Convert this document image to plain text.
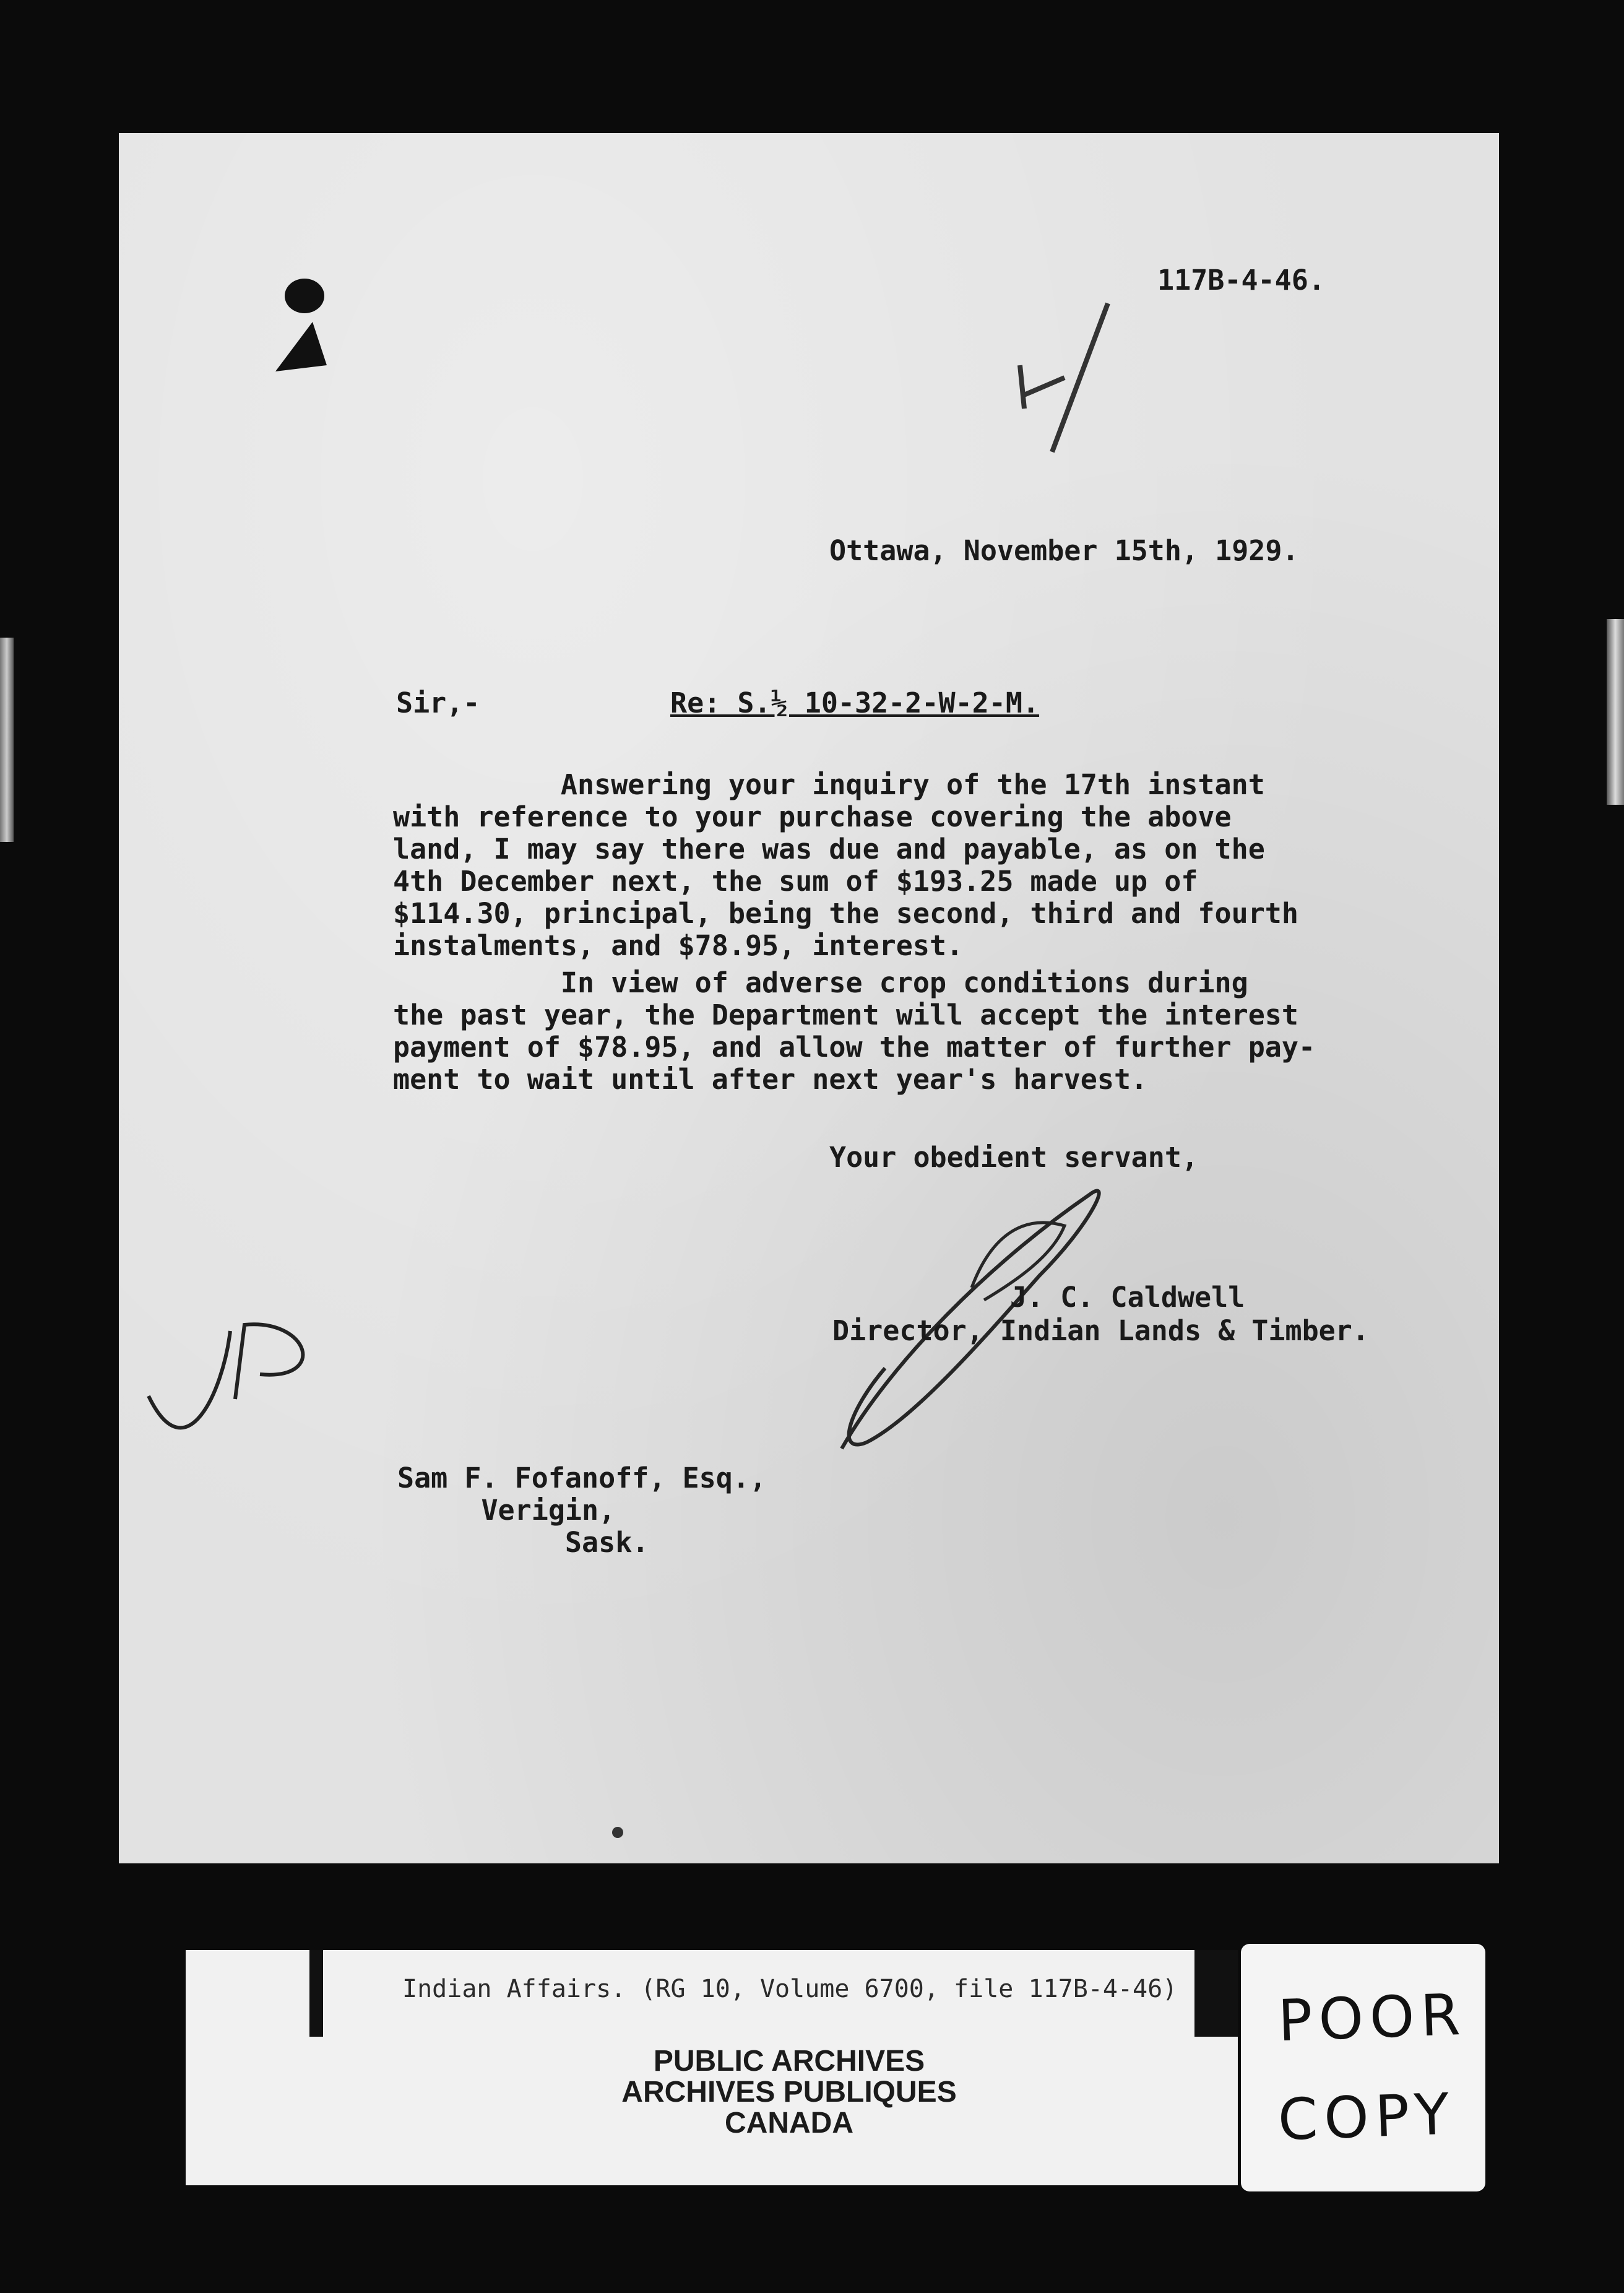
117B-4-46.

Ottawa, November 15th, 1929.

Sir,-	Re: S.½ 10-32-2-W-2-M.

Answering your inquiry of the 17th instant

with reference to your purchase covering the above

land, I may say there was due and payable, as on the

4th December next, the sum of $193.25 made up of

$114.30, principal, being the second, third and fourth

instalments, and $78.95, interest.

In view of adverse crop conditions during

the past year, the Department will accept the interest

payment of $78.95, and allow the matter of further pay-

ment to wait until after next year's harvest.

Your obedient servant,

J. C. Caldwell

Director, Indian Lands & Timber.

Sam F. Fofanoff, Esq.,

Verigin,

Sask.

Indian Affairs. (RG 10, Volume 6700, file 117B-4-46)
PUBLIC ARCHIVES
ARCHIVES PUBLIQUES
CANADA
POOR
COPY
